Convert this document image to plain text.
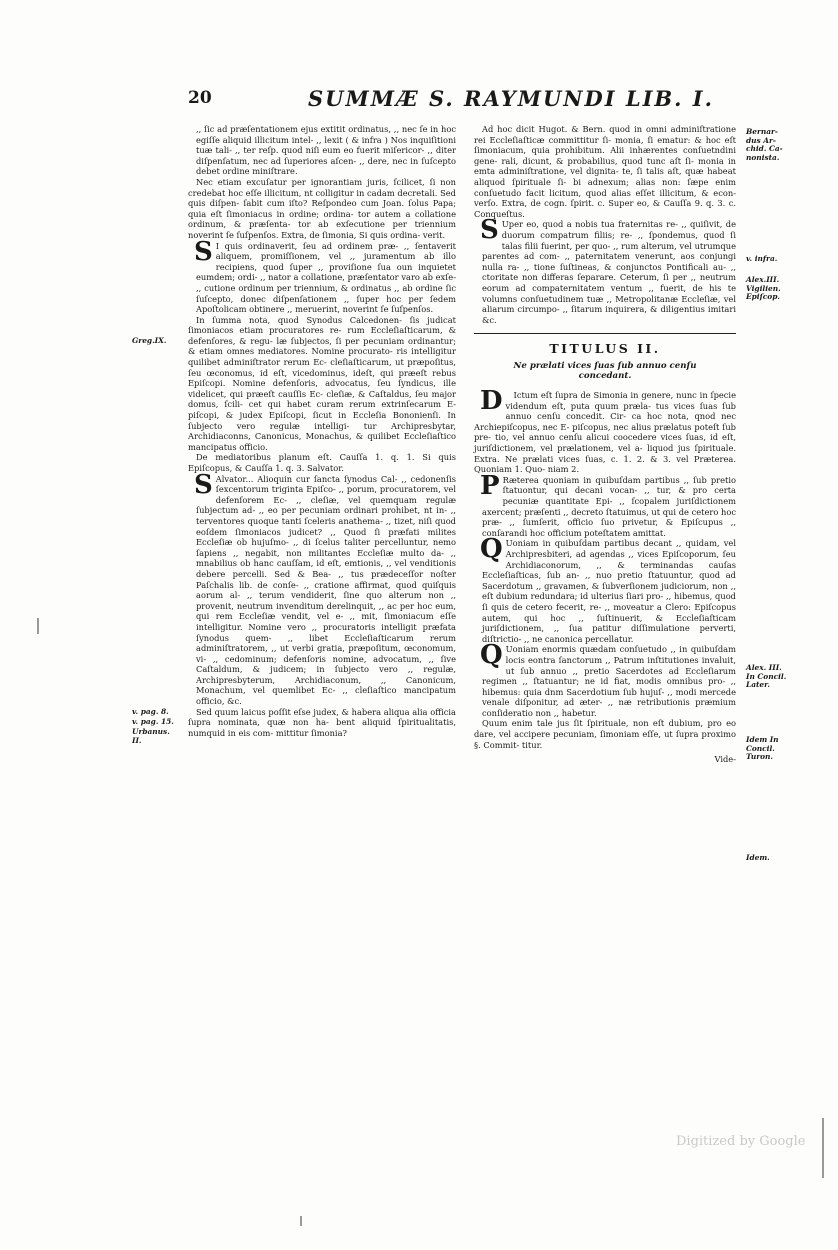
20	SUMMÆ S. RAYMUNDI LIB. I.

,, ſic ad præſentationem ejus extitit ordinatus, ,, nec ſe in hoc egiſſe aliquid illicitum intel- ,, lexit ( & infra ) Nos inquiſitioni tuæ tali- ,, ter reſp. quod niſi eum eo fuerit miſericor- ,, diter diſpenſatum, nec ad ſuperiores aſcen- ,, dere, nec in ſuſcepto debet ordine miniſtrare.

Nec etiam excuſatur per ignorantiam juris, ſcilicet, ſi non credebat hoc eſſe illicitum, nt colligitur in cadam decretali. Sed quis diſpen- ſabit cum iſto? Reſpondeo cum Joan. ſolus Papa; quia eſt ſimoniacus in ordine; ordina- tor autem a collatione ordinum, & præſenta- tor ab exſecutione per triennium noverint ſe ſuſpenſos. Extra, de ſimonia, Si quis ordina- verit.

S I quis ordinaverit, ſeu ad ordinem præ- ,, ſentaverit aliquem, promiſſionem, vel ,, juramentum ab illo recipiens, quod ſuper ,, proviſione ſua oun inquietet eumdem; ordi- ,, nator a collatione, præſentator varo ab exſe- ,, cutione ordinum per triennium, & ordinatus ,, ab ordine ſic ſuſcepto, donec diſpenſationem ,, ſuper hoc per ſedem Apoſtolicam obtinere ,, meruerint, noverint ſe ſuſpenſos.

In ſumma nota, quod Synodus Calcedonen- ſis judicat ſimoniacos etiam procuratores re- rum Eccleſiaſticarum, & defenſores, & regu- læ ſubjectos, ſi per pecuniam ordinantur; & etiam omnes mediatores. Nomine procurato- ris intelligitur quilibet adminiſtrator rerum Ec- cleſiaſticarum, ut præpoſitus, ſeu œconomus, id eſt, vicedominus, ideſt, qui præeſt rebus Epiſcopi. Nomine defenſoris, advocatus, ſeu ſyndicus, ille videlicet, qui præeſt cauſſis Ec- cleſiæ, & Caſtaldus, ſeu major domus, ſcili- cet qui habet curam rerum extrinſecarum E- piſcopi, & judex Epiſcopi, ſicut in Eccleſia Bononienſi. In ſubjecto vero regulæ intelligi- tur Archipresbytar, Archidiaconns, Canonicus, Monachus, & quilibet Eccleſiaſtico mancipatus officio.

De mediatoribus planum eſt. Cauſſa 1. q. 1. Si quis Epiſcopus, & Cauſſa 1. q. 3. Salvator.

S Alvator... Alioquin cur ſancta ſynodus Cal- ,, cedonenſis ſexcentorum triginta Epiſco- ,, porum, procuratorem, vel defenſorem Ec- ,, cleſiæ, vel quemquam regulæ ſubjectum ad- ,, eo per pecuniam ordinari prohibet, nt in- ,, terventores quoque tanti ſceleris anathema- ,, tizet, niſi quod eoſdem ſimoniacos judicet? ,, Quod ſi præfati milites Eccleſiæ ob hujuſmo- ,, di ſcelus taliter percelluntur, nemo ſapiens ,, negabit, non militantes Eccleſiæ multo da- ,, mnabilius ob hanc cauſſam, id eſt, emtionis, ,, vel venditionis debere percelli. Sed & Bea- ,, tus prædeceſſor noſter Paſchalis lib. de conſe- ,, cratione affirmat, quod quiſquis aorum al- ,, terum vendiderit, ſine quo alterum non ,, provenit, neutrum invenditum derelinquit, ,, ac per hoc eum, qui rem Eccleſiæ vendit, vel e- ,, mit, ſimoniacum eſſe intelligitur. Nomine vero ,, procuratoris intelligit præfata ſynodus quem- ,, libet Eccleſiaſticarum rerum adminiſtratorem, ,, ut verbi gratia, præpoſitum, œconomum, vi- ,, cedominum; defenſoris nomine, advocatum, ,, ſive Caſtaldum, & judicem; in ſubjecto vero ,, regulæ, Archipresbyterum, Archidiaconum, ,, Canonicum, Monachum, vel quemlibet Ec- ,, cleſiaſtico mancipatum officio, &c.

Sed quum laicus poſſit eſse judex, & habera aliqua alia officia ſupra nominata, quæ non ha- bent aliquid ſpiritualitatis, numquid in eis com- mittitur ſimonia?

Ad hoc dicit Hugot. & Bern. quod in omni adminiſtratione rei Eccleſiaſticæ committitur ſi- monia, ſi ematur: & hoc eſt ſimoniacum, quia prohibitum. Alii inhærentes conſuetndini gene- rali, dicunt, & probabilius, quod tunc aſt ſi- monia in emta adminiſtratione, vel dignita- te, ſi talis aſt, quæ habeat aliquod ſpirituale ſi- bi adnexum; alias non: ſæpe enim conſuetudo facit licitum, quod alias eſſet illicitum, & econ- verſo. Extra, de cogn. ſpirit. c. Super eo, & Cauſſa 9. q. 3. c. Conqueſtus.

S Uper eo, quod a nobis tua fraternitas re- ,, quiſivit, de duorum compatrum filiis; re- ,, ſpondemus, quod ſi talas filii fuerint, per quo- ,, rum alterum, vel utrumque parentes ad com- ,, paternitatem venerunt, aos conjungi nulla ra- ,, tione ſuſtineas, & conjunctos Pontificali au- ,, ctoritate non differas ſeparare. Ceterum, ſi per ,, neutrum eorum ad compaternitatem ventum ,, fuerit, de his te volumns conſuetudinem tuæ ,, Metropolitanæ Eccleſiæ, vel aliarum circumpo- ,, ſitarum inquirera, & diligentius imitari &c.

TITULUS II.
Ne prælati vices ſuas ſub annuo cenſu concedant.

D Ictum eſt ſupra de Simonia in genere, nunc in ſpecie videndum eſt, puta quum præla- tus vices ſuas ſub annuo cenſu concedit. Cir- ca hoc nota, qnod nec Archiepiſcopus, nec E- piſcopus, nec alius prælatus poteſt ſub pre- tio, vel annuo cenſu alicui coocedere vices ſuas, id eſt, juriſdictionem, vel prælationem, vel a- liquod jus ſpirituale. Extra. Ne prælati vices ſuas, c. 1. 2. & 3. vel Præterea. Quoniam 1. Quo- niam 2.

P Ræterea quoniam in quibuſdam partibus ,, ſub pretio ſtatuontur, qui decani vocan- ,, tur, & pro certa pecuniæ quantitate Epi- ,, ſcopalem juriſdictionem axercent; præſenti ,, decreto ſtatuimus, ut qui de cetero hoc præ- ,, ſumſerit, officio ſuo privetur, & Epiſcupus ,, conſarandi hoc officium poteſtatem amittat.

Q Uoniam in quibuſdam partibus decant ,, quidam, vel Archipresbiteri, ad agendas ,, vices Epiſcoporum, ſeu Archidiaconorum, ,, & terminandas cauſas Eccleſiaſticas, ſub an- ,, nuo pretio ſtatuuntur, quod ad Sacerdotum ,, gravamen, & ſubverſionem judiciorum, non ,, eſt dubium redundara; id ulterius ſiari pro- ,, hibemus, quod ſi quis de cetero fecerit, re- ,, moveatur a Clero: Epiſcopus autem, qui hoc ,, ſuſtinuerit, & Eccleſiaſticam juriſdictionem, ,, ſua patitur diſſimulatione perverti, diſtrictio- ,, ne canonica percellatur.

Q Uoniam enormis quædam conſuetudo ,, in quibuſdam locis eontra ſanctorum ,, Patrum inſtitutiones invaluit, ut ſub annuo ,, pretio Sacerdotes ad Eccleſiarum regimen ,, ſtatuantur; ne id fiat, modis omnibus pro- ,, hibemus: quia dnm Sacerdotium ſub hujuſ- ,, modi mercede venale diſponitur, ad æter- ,, næ retributionis præmium conſideratio non ,, habetur.

Quum enim tale jus ſit ſpirituale, non eſt dubium, pro eo dare, vel accipere pecuniam, ſimoniam eſſe, ut ſupra proximo §. Commit- titur.

Vide-
Greg.IX.
v. pag. 8.
v. pag. 15.
Urbanus. II.
Bernar- dus Ar- chid. Ca- nonista.
v. infra.
Alex.III. Vigilien. Epiſcop.
Alex. III. In Concil. Later.
Idem In Concil. Turon.
Idem.
Digitized by Google
